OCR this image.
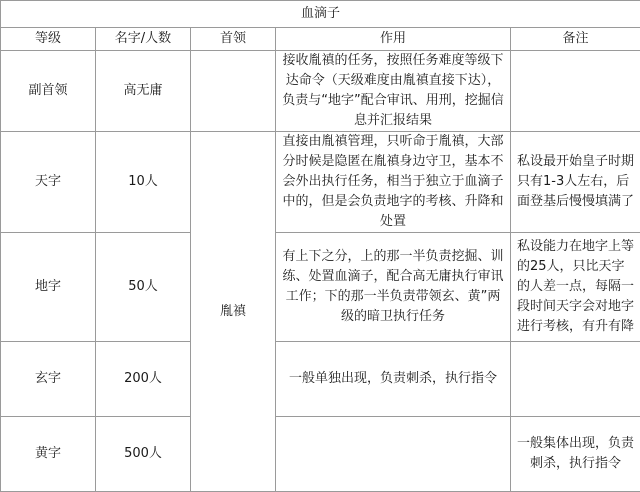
血滴子					
等级	名字/人数	首领	作用	备注	
副首领	高无庸		接收胤禛的任务，按照任务难度等级下达命令（天级难度由胤禛直接下达），负责与“地字”配合审讯、用刑，挖掘信息并汇报结果		
天字	10人	胤禛	直接由胤禛管理，只听命于胤禛，大部分时候是隐匿在胤禛身边守卫，基本不会外出执行任务，相当于独立于血滴子中的，但是会负责地字的考核、升降和处置	私设最开始皇子时期只有1-3人左右，后面登基后慢慢填满了	
地字	50人		有上下之分，上的那一半负责挖掘、训练、处置血滴子，配合高无庸执行审讯工作；下的那一半负责带领玄、黄”两级的暗卫执行任务	私设能力在地字上等的25人，只比天字的人差一点，每隔一段时间天字会对地字进行考核，有升有降	
玄字	200人		一般单独出现，负责刺杀，执行指令		
黄字	500人			一般集体出现，负责刺杀，执行指令	
